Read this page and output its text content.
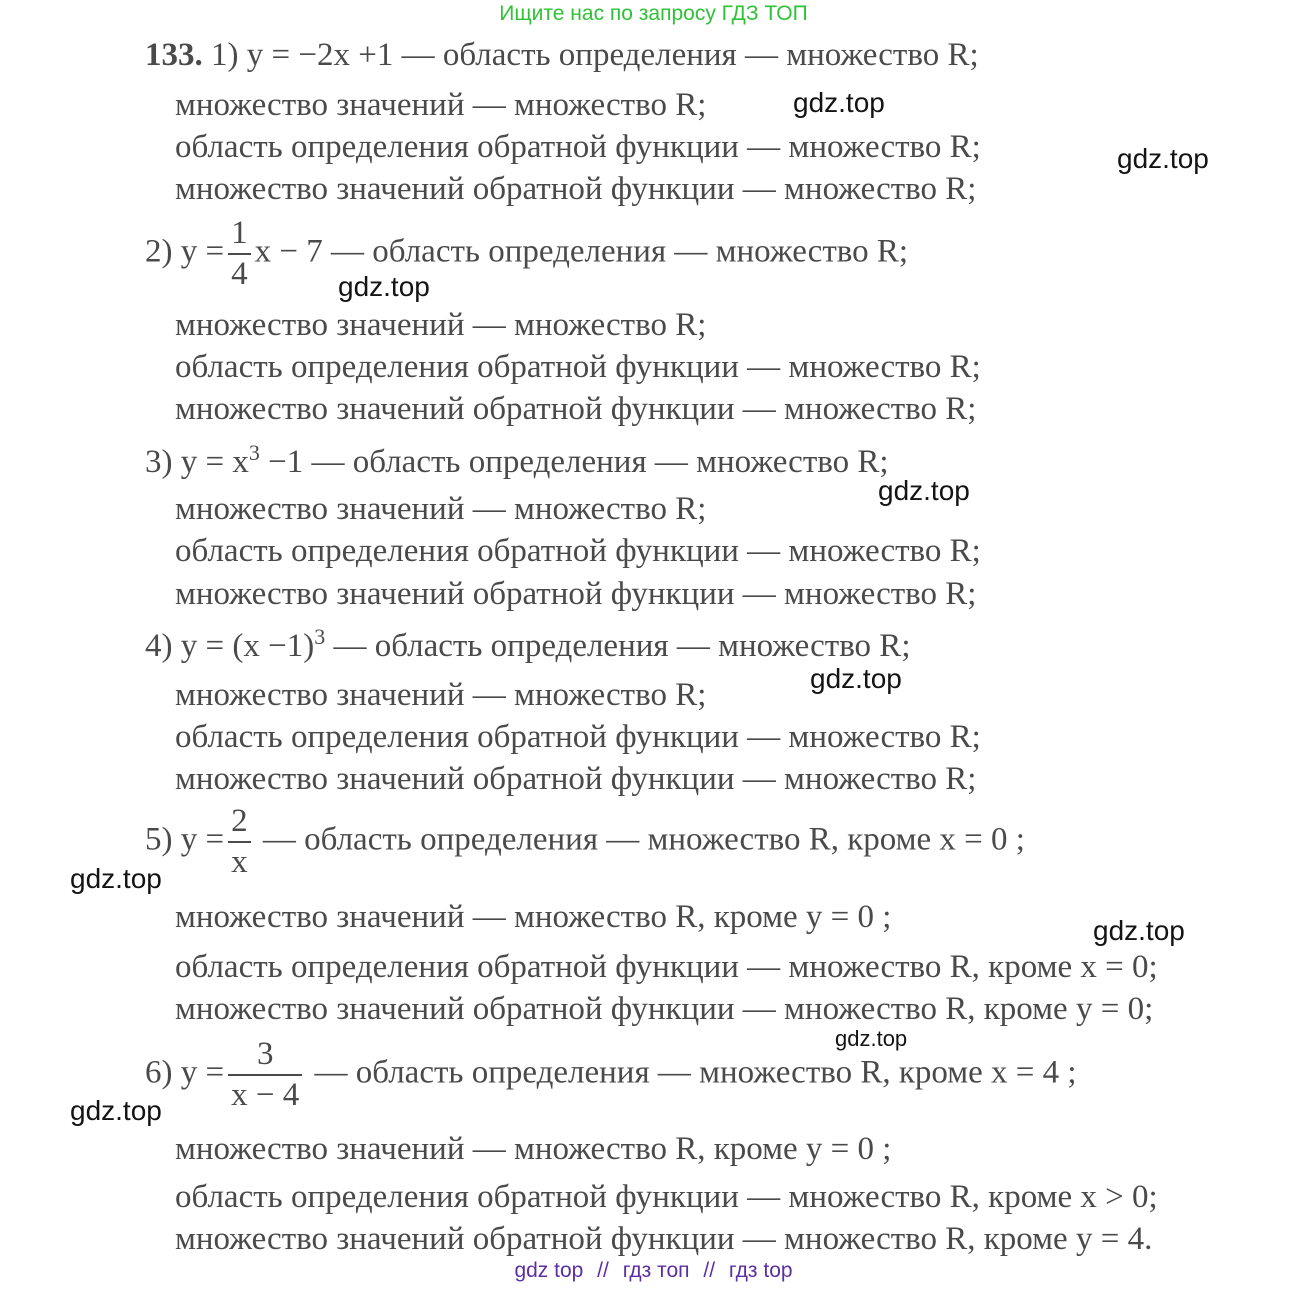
Ищите нас по запросу ГДЗ ТОП
133. 1) y = −2x +1 — область определения — множество R;
множество значений — множество R;
область определения обратной функции — множество R;
множество значений обратной функции — множество R;
2) $y = \frac{1}{4}$ x − 7 — область определения — множество R;
множество значений — множество R;
область определения обратной функции — множество R;
множество значений обратной функции — множество R;
3) $y = x^3 -1$ — область определения — множество R;
множество значений — множество R;
область определения обратной функции — множество R;
множество значений обратной функции — множество R;
4) $y = (x -1)^3$ — область определения — множество R;
множество значений — множество R;
область определения обратной функции — множество R;
множество значений обратной функции — множество R;
5) $y = \frac{2}{x}$ — область определения — множество R, кроме x = 0 ;
множество значений — множество R, кроме y = 0 ;
область определения обратной функции — множество R, кроме x = 0;
множество значений обратной функции — множество R, кроме y = 0;
6) $y = \frac{3}{x - 4}$ — область определения — множество R, кроме x = 4 ;
множество значений — множество R, кроме y = 0 ;
область определения обратной функции — множество R, кроме x > 0;
множество значений обратной функции — множество R, кроме y = 4.
gdz.top
gdz.top
gdz.top
gdz.top
gdz.top
gdz.top
gdz.top
gdz.top
gdz.top
gdz top // гдз топ // гдз top
